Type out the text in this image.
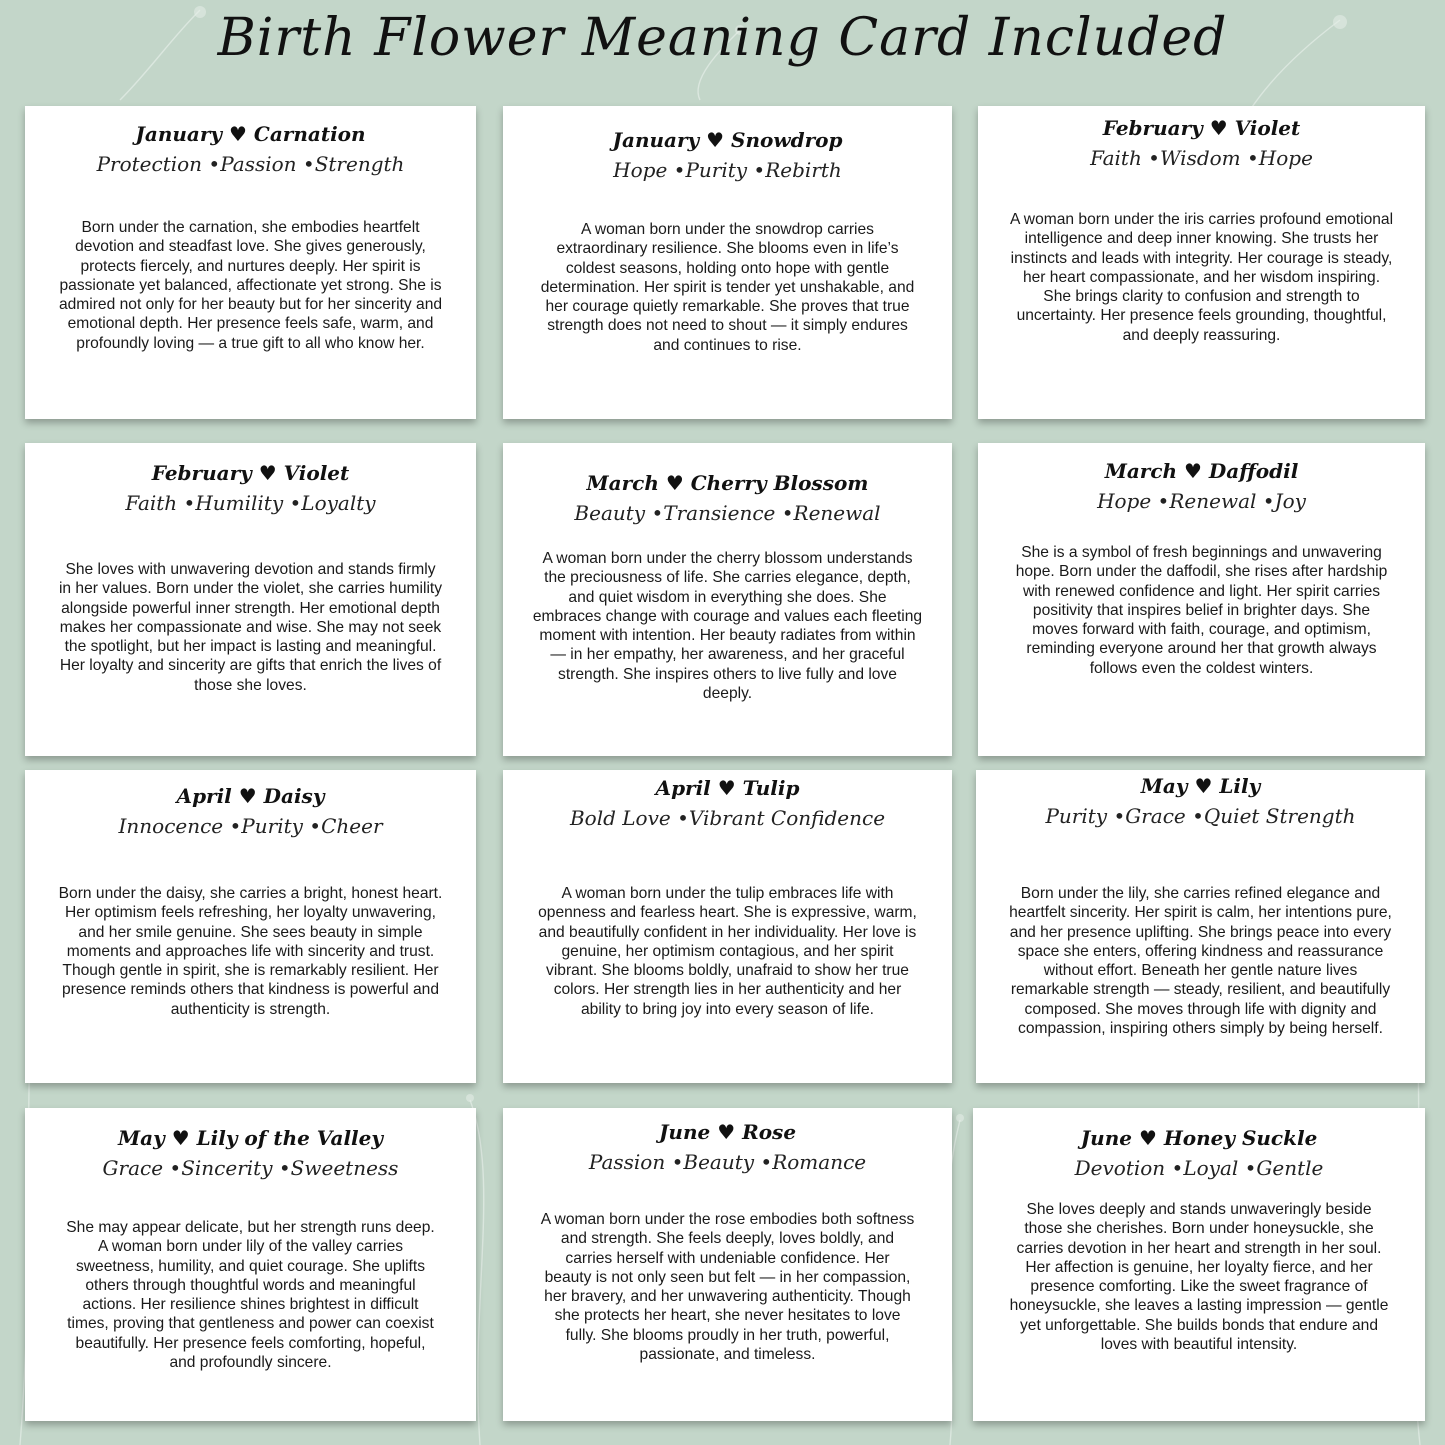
Birth Flower Meaning Card Included

January ♥ Carnation

Protection •Passion •Strength

Born under the carnation, she embodies heartfelt devotion and steadfast love. She gives generously, protects fiercely, and nurtures deeply. Her spirit is passionate yet balanced, affectionate yet strong. She is admired not only for her beauty but for her sincerity and emotional depth. Her presence feels safe, warm, and profoundly loving — a true gift to all who know her.

January ♥ Snowdrop

Hope •Purity •Rebirth

A woman born under the snowdrop carries extraordinary resilience. She blooms even in life’s coldest seasons, holding onto hope with gentle determination. Her spirit is tender yet unshakable, and her courage quietly remarkable. She proves that true strength does not need to shout — it simply endures and continues to rise.

February ♥ Violet

Faith •Wisdom •Hope

A woman born under the iris carries profound emotional intelligence and deep inner knowing. She trusts her instincts and leads with integrity. Her courage is steady, her heart compassionate, and her wisdom inspiring. She brings clarity to confusion and strength to uncertainty. Her presence feels grounding, thoughtful, and deeply reassuring.

February ♥ Violet

Faith •Humility •Loyalty

She loves with unwavering devotion and stands firmly in her values. Born under the violet, she carries humility alongside powerful inner strength. Her emotional depth makes her compassionate and wise. She may not seek the spotlight, but her impact is lasting and meaningful. Her loyalty and sincerity are gifts that enrich the lives of those she loves.

March ♥ Cherry Blossom

Beauty •Transience •Renewal

A woman born under the cherry blossom understands the preciousness of life. She carries elegance, depth, and quiet wisdom in everything she does. She embraces change with courage and values each fleeting moment with intention. Her beauty radiates from within — in her empathy, her awareness, and her graceful strength. She inspires others to live fully and love deeply.

March ♥ Daffodil

Hope •Renewal •Joy

She is a symbol of fresh beginnings and unwavering hope. Born under the daffodil, she rises after hardship with renewed confidence and light. Her spirit carries positivity that inspires belief in brighter days. She moves forward with faith, courage, and optimism, reminding everyone around her that growth always follows even the coldest winters.

April ♥ Daisy

Innocence •Purity •Cheer

Born under the daisy, she carries a bright, honest heart. Her optimism feels refreshing, her loyalty unwavering, and her smile genuine. She sees beauty in simple moments and approaches life with sincerity and trust. Though gentle in spirit, she is remarkably resilient. Her presence reminds others that kindness is powerful and authenticity is strength.

April ♥ Tulip

Bold Love •Vibrant Confidence

A woman born under the tulip embraces life with openness and fearless heart. She is expressive, warm, and beautifully confident in her individuality. Her love is genuine, her optimism contagious, and her spirit vibrant. She blooms boldly, unafraid to show her true colors. Her strength lies in her authenticity and her ability to bring joy into every season of life.

May ♥ Lily

Purity •Grace •Quiet Strength

Born under the lily, she carries refined elegance and heartfelt sincerity. Her spirit is calm, her intentions pure, and her presence uplifting. She brings peace into every space she enters, offering kindness and reassurance without effort. Beneath her gentle nature lives remarkable strength — steady, resilient, and beautifully composed. She moves through life with dignity and compassion, inspiring others simply by being herself.

May ♥ Lily of the Valley

Grace •Sincerity •Sweetness

She may appear delicate, but her strength runs deep. A woman born under lily of the valley carries sweetness, humility, and quiet courage. She uplifts others through thoughtful words and meaningful actions. Her resilience shines brightest in difficult times, proving that gentleness and power can coexist beautifully. Her presence feels comforting, hopeful, and profoundly sincere.

June ♥ Rose

Passion •Beauty •Romance

A woman born under the rose embodies both softness and strength. She feels deeply, loves boldly, and carries herself with undeniable confidence. Her beauty is not only seen but felt — in her compassion, her bravery, and her unwavering authenticity. Though she protects her heart, she never hesitates to love fully. She blooms proudly in her truth, powerful, passionate, and timeless.

June ♥ Honey Suckle

Devotion •Loyal •Gentle

She loves deeply and stands unwaveringly beside those she cherishes. Born under honeysuckle, she carries devotion in her heart and strength in her soul. Her affection is genuine, her loyalty fierce, and her presence comforting. Like the sweet fragrance of honeysuckle, she leaves a lasting impression — gentle yet unforgettable. She builds bonds that endure and loves with beautiful intensity.
